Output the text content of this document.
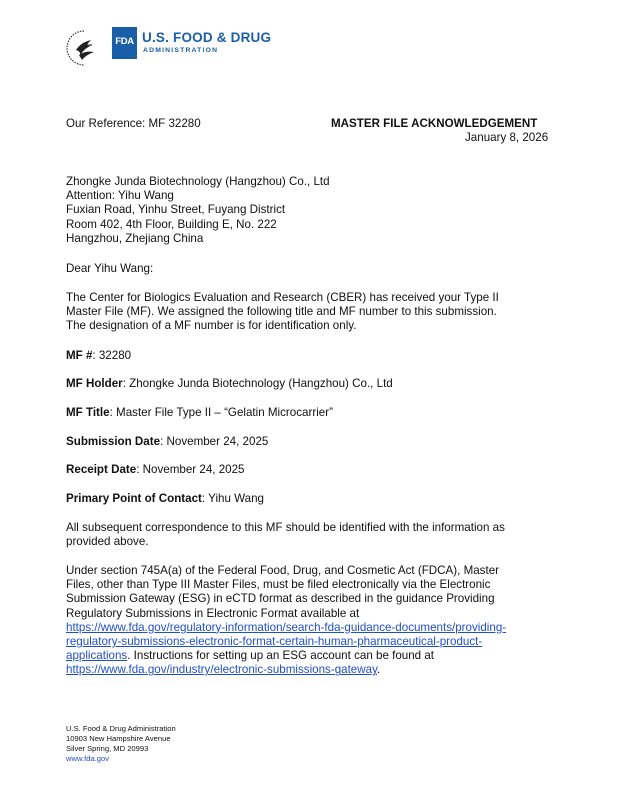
FDA U.S. FOOD & DRUG
ADMINISTRATION
Our Reference: MF 32280	MASTER FILE ACKNOWLEDGEMENT
January 8, 2026
Zhongke Junda Biotechnology (Hangzhou) Co., Ltd
Attention: Yihu Wang
Fuxian Road, Yinhu Street, Fuyang District
Room 402, 4th Floor, Building E, No. 222
Hangzhou, Zhejiang China
Dear Yihu Wang:
The Center for Biologics Evaluation and Research (CBER) has received your Type II
Master File (MF). We assigned the following title and MF number to this submission.
The designation of a MF number is for identification only.
MF #: 32280
MF Holder: Zhongke Junda Biotechnology (Hangzhou) Co., Ltd
MF Title: Master File Type II – “Gelatin Microcarrier”
Submission Date: November 24, 2025
Receipt Date: November 24, 2025
Primary Point of Contact: Yihu Wang
All subsequent correspondence to this MF should be identified with the information as
provided above.
Under section 745A(a) of the Federal Food, Drug, and Cosmetic Act (FDCA), Master
Files, other than Type III Master Files, must be filed electronically via the Electronic
Submission Gateway (ESG) in eCTD format as described in the guidance Providing
Regulatory Submissions in Electronic Format available at
https://www.fda.gov/regulatory-information/search-fda-guidance-documents/providing-
regulatory-submissions-electronic-format-certain-human-pharmaceutical-product-
applications. Instructions for setting up an ESG account can be found at
https://www.fda.gov/industry/electronic-submissions-gateway.
U.S. Food & Drug Administration
10903 New Hampshire Avenue
Silver Spring, MD 20993
www.fda.gov
